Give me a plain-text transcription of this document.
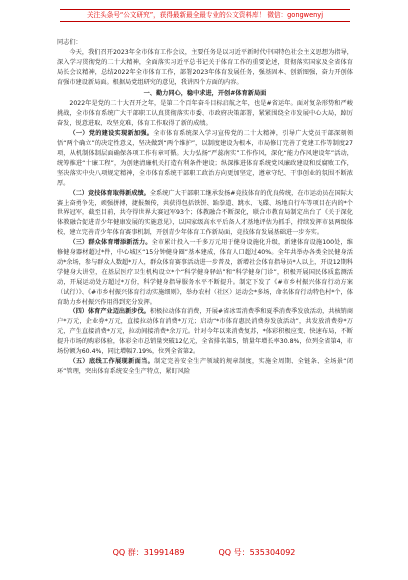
关注头条号“公文研究”，获得最新最全最专业的公文资料库！ 微信：gongwenyj

同志们：

今天，我们召开2023年全市体育工作会议，主要任务是以习近平新时代中国特色社会主义思想为指导，深入学习贯彻党的二十大精神，全面落实习近平总书记关于体育工作的重要论述，贯彻落实国家及全省体育局长会议精神，总结2022年全市体育工作，部署2023年体育发展任务，强基固本、创新图强，奋力开创体育强市建设新局面。根据局党组研究的意见，我讲四个方面的内容。

一、勤力同心，稳中求进，开创#体育新局面

2022年是党的二十大召开之年，是第二个百年奋斗目标启航之年，也是#省运年。面对复杂形势和严峻挑战，全市体育系统广大干部职工认真贯彻落实市委、市政府决策部署，紧紧围绕全市发展中心大局，踔厉奋发，锐意进取、攻坚克难，体育工作取得了新的成绩。

（一）党的建设实现新加强。全市体育系统深入学习宣传党的二十大精神，引导广大党员干部深刻领悟“两个确立”的决定性意义，坚决做到“两个维护”，以制度建设为根本，市局修订完善了党建工作等制度27项，从机制体制层面确保各项工作有章可循。大力弘扬“严蕊南实”工作作风，深化“能力作风建设年”活动，统筹推进“十廉工程”，为创建清廉机关打造有利条件建设；纵深推进体育系统党风廉政建设和反腐败工作，坚决落实中央八项规定精神，全市体育系统干部职工政治方向更加坚定，遵章守纪、干事创业的氛围不断浓厚。

（二）竞技体育取得新成绩。全系统广大干部职工继承发扬#竞技体育的优良传统，在市运动员在国际大赛上奋勇争先，顽强拼搏，捷报频传，共获得包括铁饼、跆拳道、跳水、飞碟、场地自行车等项目在内的*个世界冠军，截至目前，共夺得世界大赛冠军93个；体教融合不断深化，联合市教育局制定出台了《关于深化体教融合促进青少年健康发展的实施意见》，以国家级高水平后备人才基地评估为抓手，持续发挥市县两级体校，建立完善青少年体育赛事机制，开创青少年体育工作新局面，竞技体育发展基础进一步夯实。

（三）群众体育增添新活力。全市累计投入一千多万元用于健身设施化升级，新建体育设施100处，维修健身器材超过*件，中心城区“15分钟健身圈”基本建成，体育人口超过40%。全年共举办各类全民健身活动*余场，参与群众人数超*万人，群众体育赛事活动进一步普及，新增社会体育指导员*人以上，开设12期科学健身大讲堂，在基层医疗卫生机构设立*个“科学健身驿站”和“科学健身门诊”，积极开展国民体质监测活动，开展运动处方超过*万份，科学健身指导服务水平不断提升。制定下发了《#市乡村振兴体育行动方案（试行）》、《#市乡村振兴体育行动实施细则》，举办农村（社区）运动会*多场，命名体育行动特色村*个，体育助力乡村振兴作用得到充分发挥。

（四）体育产业迈出新步伐。积极拉动体育消费，开展#省冰雪消费季和夏季消费季发放活动，共核销商户*万元，企业券*万元，直接拉动体育消费*万元；启动“*市体育惠民消费券发放活动”，共发放消费券*万元，产生直接消费*万元，拉动间接消费*余万元。针对今年以来消费复苏，*体彩积极应变、快速布局，不断提升市场的购彩体验，体彩全市总销量突破12亿元，全省排名第5，销量年增长率30.8%，位列全省第4，市场份额为60.4%，同比增幅7.19%，位列全省第2。

（五）底线工作展现新面当。制定完善安全生产领域的规章制度，实施全周期、全链条、全场景“闭环”管理，突出体育系统安全生产特点，紧盯风险

QQ 群：31991489	QQ 号：535304092
